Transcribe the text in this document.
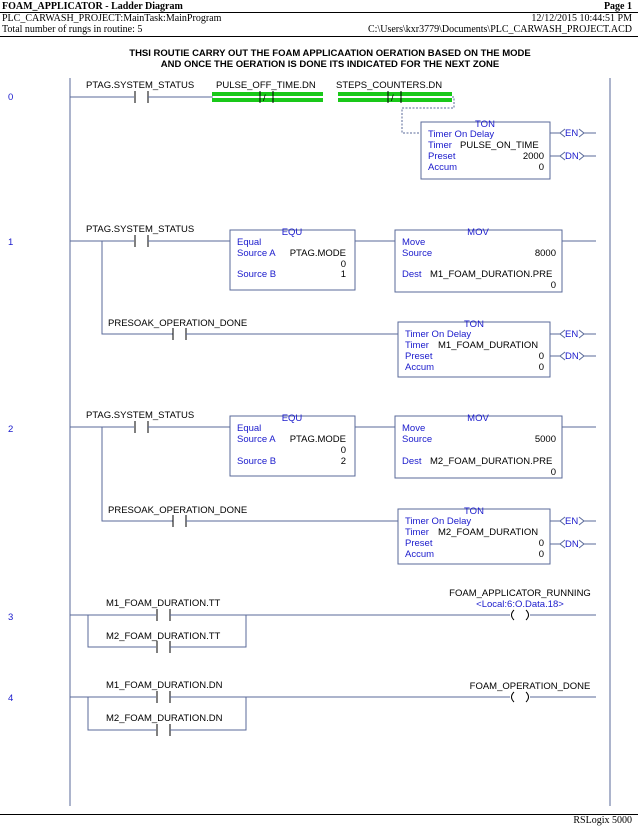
FOAM_APPLICATOR - Ladder Diagram	Page 1
PLC_CARWASH_PROJECT:MainTask:MainProgram	12/12/2015 10:44:51 PM
Total number of rungs in routine: 5	C:\Users\kxr3779\Documents\PLC_CARWASH_PROJECT.ACD
RSLogix 5000
THSI ROUTIE CARRY OUT THE FOAM APPLICAATION OERATION BASED ON THE MODE
AND ONCE THE OERATION IS DONE ITS INDICATED FOR THE NEXT ZONE
0
PTAG.SYSTEM_STATUS
/
PULSE_OFF_TIME.DN
/
STEPS_COUNTERS.DN
TON
Timer On Delay
Timer PULSE_ON_TIME
Preset	2000
Accum	0
EN
DN
1
PTAG.SYSTEM_STATUS	EQU
Equal
Source A PTAG.MODE
0
Source B	1
MOV
Move
Source	8000
Dest M1_FOAM_DURATION.PRE
0
PRESOAK_OPERATION_DONE	TON
Timer On Delay
Timer M1_FOAM_DURATION
Preset	0
Accum	0
EN
DN
2
PTAG.SYSTEM_STATUS	EQU
Equal
Source A PTAG.MODE
0
Source B	2
MOV
Move
Source	5000
Dest M2_FOAM_DURATION.PRE
0
PRESOAK_OPERATION_DONE	TON
Timer On Delay
Timer M2_FOAM_DURATION
Preset	0
Accum	0
EN
DN
3
M1_FOAM_DURATION.TT
M2_FOAM_DURATION.TT
FOAM_APPLICATOR_RUNNING
<Local:6:O.Data.18>
4
M1_FOAM_DURATION.DN
M2_FOAM_DURATION.DN
FOAM_OPERATION_DONE
